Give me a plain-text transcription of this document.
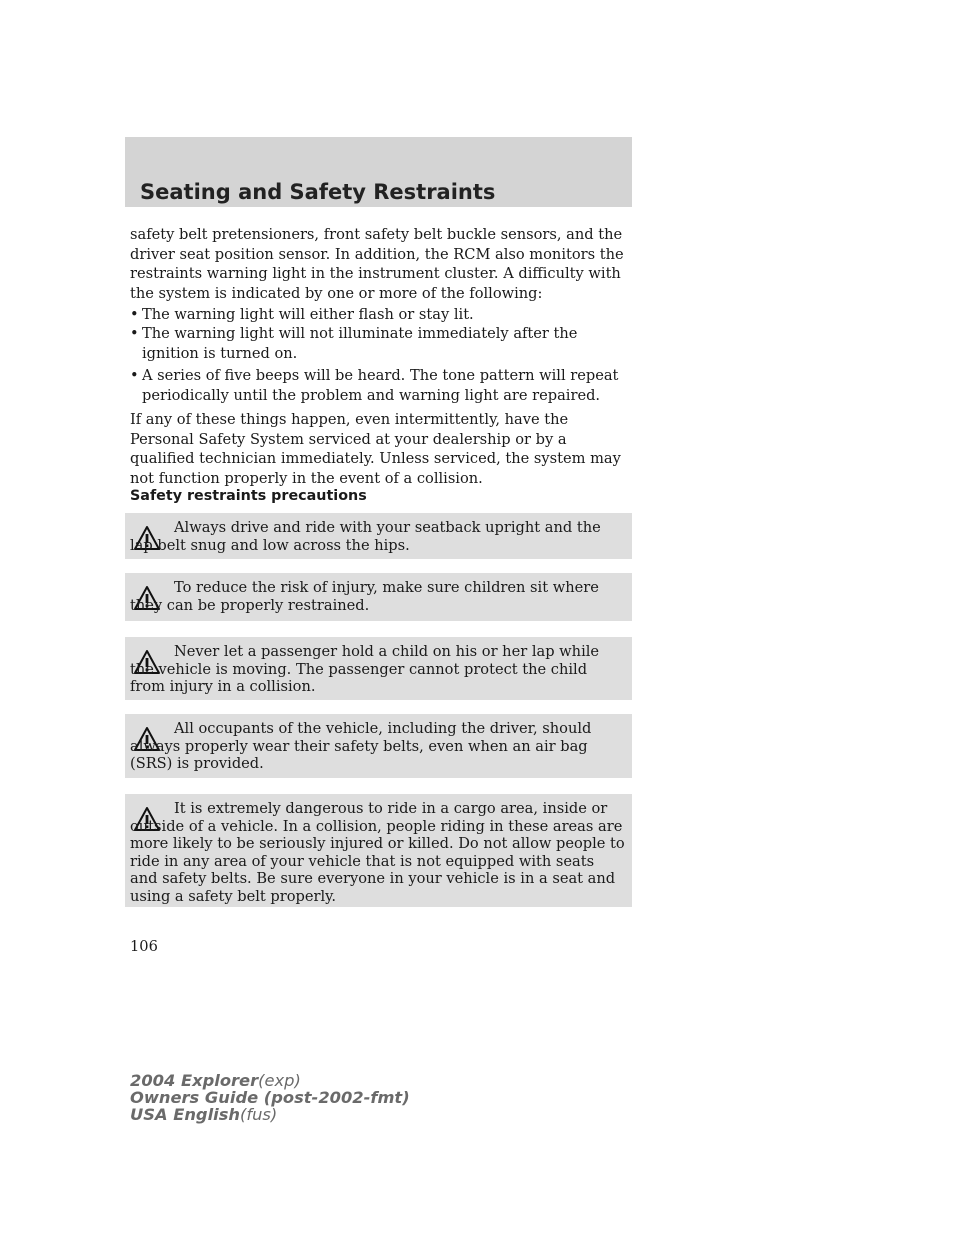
Seating and Safety Restraints
safety belt pretensioners, front safety belt buckle sensors, and the driver seat position sensor. In addition, the RCM also monitors the restraints warning light in the instrument cluster. A difficulty with the system is indicated by one or more of the following:
• The warning light will either flash or stay lit.
• The warning light will not illuminate immediately after the ignition is turned on.
• A series of five beeps will be heard. The tone pattern will repeat periodically until the problem and warning light are repaired.
If any of these things happen, even intermittently, have the Personal Safety System serviced at your dealership or by a qualified technician immediately. Unless serviced, the system may not function properly in the event of a collision.
Safety restraints precautions
Always drive and ride with your seatback upright and the lap belt snug and low across the hips.
To reduce the risk of injury, make sure children sit where they can be properly restrained.
Never let a passenger hold a child on his or her lap while the vehicle is moving. The passenger cannot protect the child from injury in a collision.
All occupants of the vehicle, including the driver, should always properly wear their safety belts, even when an air bag (SRS) is provided.
It is extremely dangerous to ride in a cargo area, inside or outside of a vehicle. In a collision, people riding in these areas are more likely to be seriously injured or killed. Do not allow people to ride in any area of your vehicle that is not equipped with seats and safety belts. Be sure everyone in your vehicle is in a seat and using a safety belt properly.
106
2004 Explorer(exp)
Owners Guide (post-2002-fmt)
USA English(fus)
